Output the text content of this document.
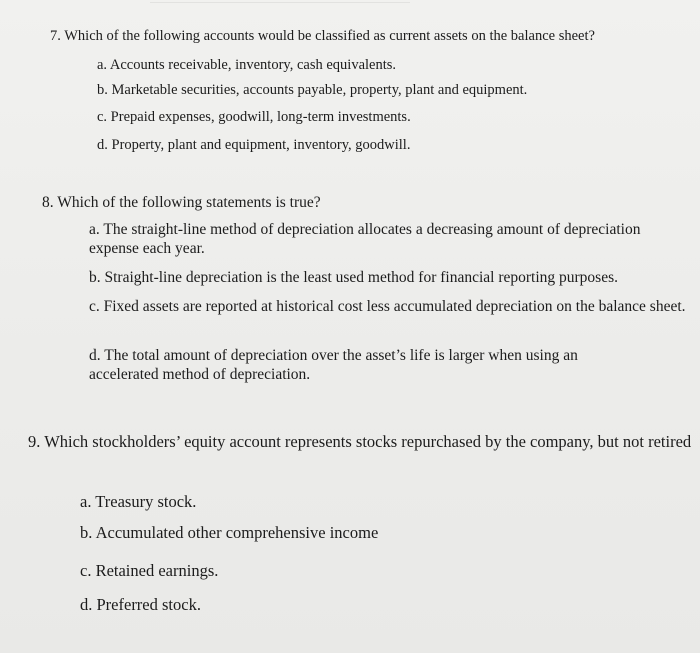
7. Which of the following accounts would be classified as current assets on the balance sheet?
a. Accounts receivable, inventory, cash equivalents.
b. Marketable securities, accounts payable, property, plant and equipment.
c. Prepaid expenses, goodwill, long-term investments.
d. Property, plant and equipment, inventory, goodwill.
8. Which of the following statements is true?
a. The straight-line method of depreciation allocates a decreasing amount of depreciation expense each year.
b. Straight-line depreciation is the least used method for financial reporting purposes.
c. Fixed assets are reported at historical cost less accumulated depreciation on the balance sheet.
d. The total amount of depreciation over the asset’s life is larger when using an accelerated method of depreciation.
9. Which stockholders’ equity account represents stocks repurchased by the company, but not retired
a. Treasury stock.
b. Accumulated other comprehensive income
c. Retained earnings.
d. Preferred stock.
